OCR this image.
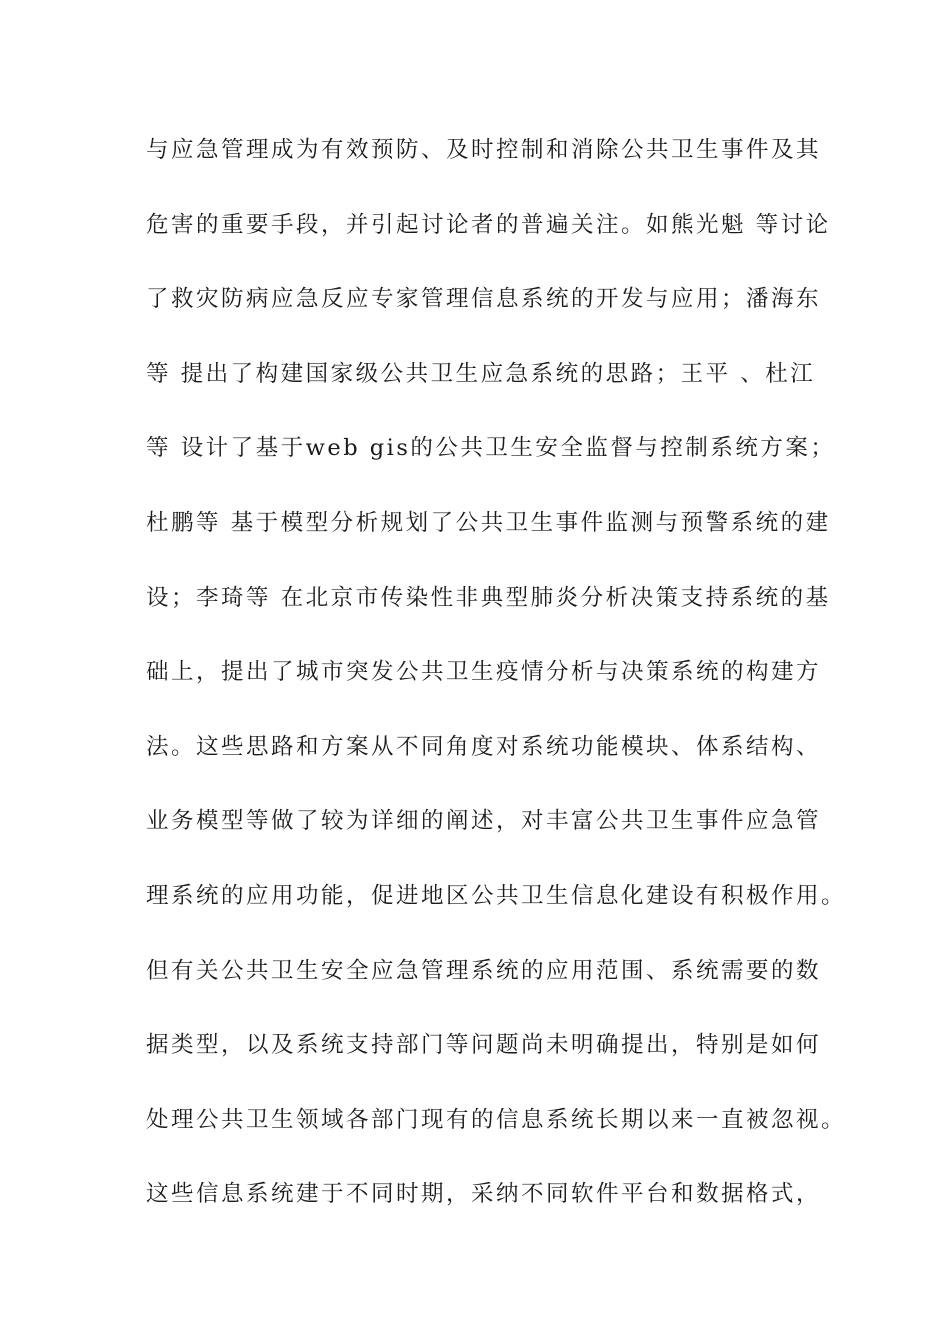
与应急管理成为有效预防、及时控制和消除公共卫生事件及其
危害的重要手段，并引起讨论者的普遍关注。如熊光魁 等讨论
了救灾防病应急反应专家管理信息系统的开发与应用；潘海东
等 提出了构建国家级公共卫生应急系统的思路；王平 、杜江
等 设计了基于web gis的公共卫生安全监督与控制系统方案；
杜鹏等 基于模型分析规划了公共卫生事件监测与预警系统的建
设；李琦等 在北京市传染性非典型肺炎分析决策支持系统的基
础上，提出了城市突发公共卫生疫情分析与决策系统的构建方
法。这些思路和方案从不同角度对系统功能模块、体系结构、
业务模型等做了较为详细的阐述，对丰富公共卫生事件应急管
理系统的应用功能，促进地区公共卫生信息化建设有积极作用。
但有关公共卫生安全应急管理系统的应用范围、系统需要的数
据类型，以及系统支持部门等问题尚未明确提出，特别是如何
处理公共卫生领域各部门现有的信息系统长期以来一直被忽视。
这些信息系统建于不同时期，采纳不同软件平台和数据格式，
